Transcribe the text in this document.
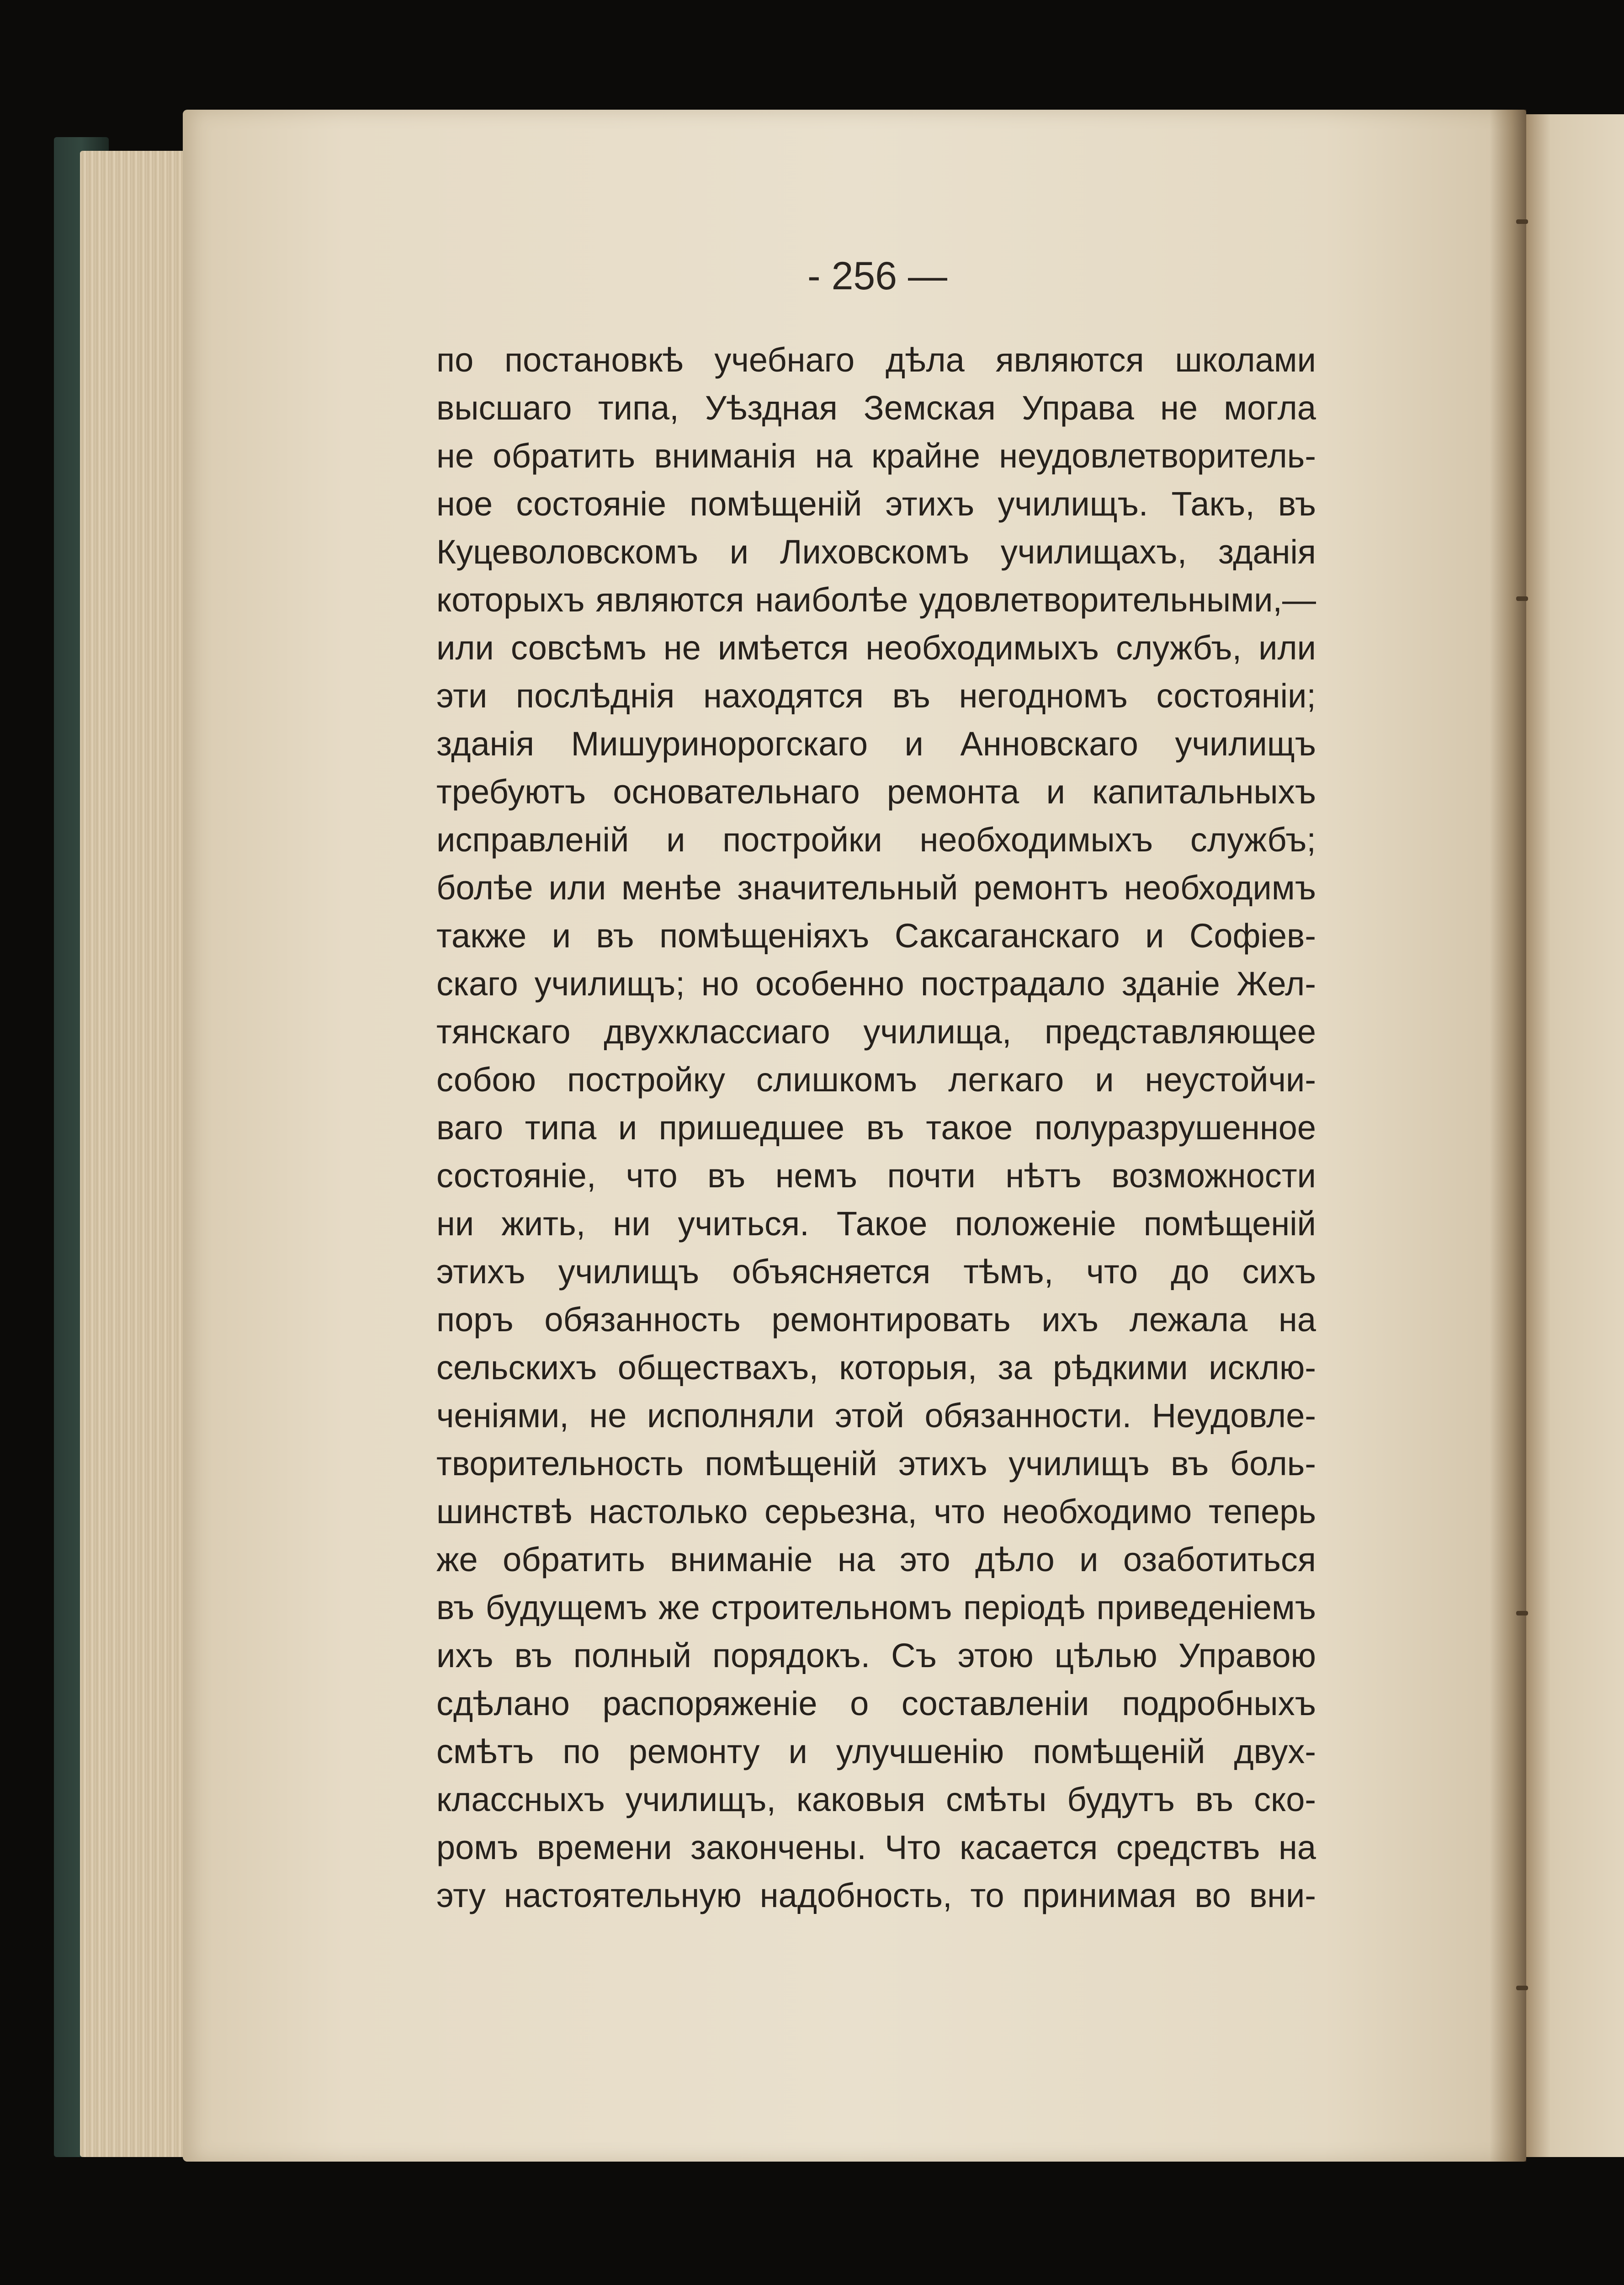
- 256 —
по постановкѣ учебнаго дѣла являются школами
высшаго типа, Уѣздная Земская Управа не могла
не обратить вниманія на крайне неудовлетворитель-
ное состояніе помѣщеній этихъ училищъ. Такъ, въ
Куцеволовскомъ и Лиховскомъ училищахъ, зданія
которыхъ являются наиболѣе удовлетворительными,—
или совсѣмъ не имѣется необходимыхъ службъ, или
эти послѣднія находятся въ негодномъ состояніи;
зданія Мишуринорогскаго и Анновскаго училищъ
требуютъ основательнаго ремонта и капитальныхъ
исправленій и постройки необходимыхъ службъ;
болѣе или менѣе значительный ремонтъ необходимъ
также и въ помѣщеніяхъ Саксаганскаго и Софіев-
скаго училищъ; но особенно пострадало зданіе Жел-
тянскаго двухклассиаго училища, представляющее
собою постройку слишкомъ легкаго и неустойчи-
ваго типа и пришедшее въ такое полуразрушенное
состояніе, что въ немъ почти нѣтъ возможности
ни жить, ни учиться. Такое положеніе помѣщеній
этихъ училищъ объясняется тѣмъ, что до сихъ
поръ обязанность ремонтировать ихъ лежала на
сельскихъ обществахъ, которыя, за рѣдкими исклю-
ченіями, не исполняли этой обязанности. Неудовле-
творительность помѣщеній этихъ училищъ въ боль-
шинствѣ настолько серьезна, что необходимо теперь
же обратить вниманіе на это дѣло и озаботиться
въ будущемъ же строительномъ періодѣ приведеніемъ
ихъ въ полный порядокъ. Съ этою цѣлью Управою
сдѣлано распоряженіе о составленіи подробныхъ
смѣтъ по ремонту и улучшенію помѣщеній двух-
классныхъ училищъ, каковыя смѣты будутъ въ ско-
ромъ времени закончены. Что касается средствъ на
эту настоятельную надобность, то принимая во вни-
